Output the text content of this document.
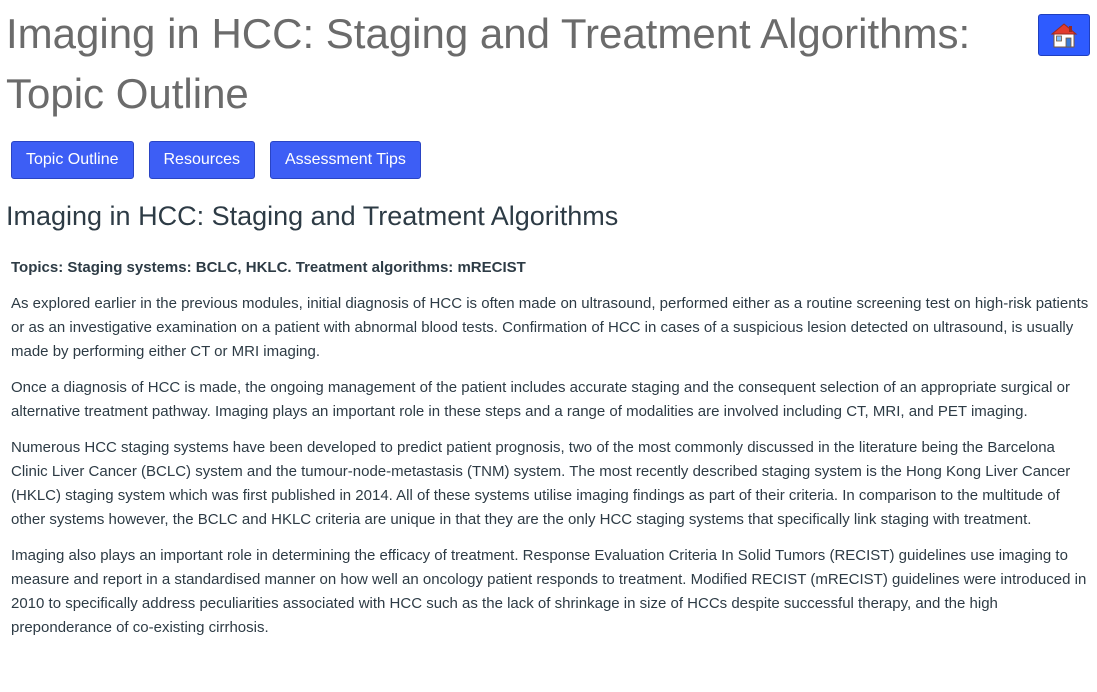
Imaging in HCC: Staging and Treatment Algorithms: Topic Outline
Topic Outline	Resources	Assessment Tips
Imaging in HCC: Staging and Treatment Algorithms

Topics: Staging systems: BCLC, HKLC. Treatment algorithms: mRECIST

As explored earlier in the previous modules, initial diagnosis of HCC is often made on ultrasound, performed either as a routine screening test on high-risk patients or as an investigative examination on a patient with abnormal blood tests. Confirmation of HCC in cases of a suspicious lesion detected on ultrasound, is usually made by performing either CT or MRI imaging.

Once a diagnosis of HCC is made, the ongoing management of the patient includes accurate staging and the consequent selection of an appropriate surgical or alternative treatment pathway. Imaging plays an important role in these steps and a range of modalities are involved including CT, MRI, and PET imaging.

Numerous HCC staging systems have been developed to predict patient prognosis, two of the most commonly discussed in the literature being the Barcelona Clinic Liver Cancer (BCLC) system and the tumour-node-metastasis (TNM) system. The most recently described staging system is the Hong Kong Liver Cancer (HKLC) staging system which was first published in 2014. All of these systems utilise imaging findings as part of their criteria. In comparison to the multitude of other systems however, the BCLC and HKLC criteria are unique in that they are the only HCC staging systems that specifically link staging with treatment.

Imaging also plays an important role in determining the efficacy of treatment. Response Evaluation Criteria In Solid Tumors (RECIST) guidelines use imaging to measure and report in a standardised manner on how well an oncology patient responds to treatment. Modified RECIST (mRECIST) guidelines were introduced in 2010 to specifically address peculiarities associated with HCC such as the lack of shrinkage in size of HCCs despite successful therapy, and the high preponderance of co-existing cirrhosis.
